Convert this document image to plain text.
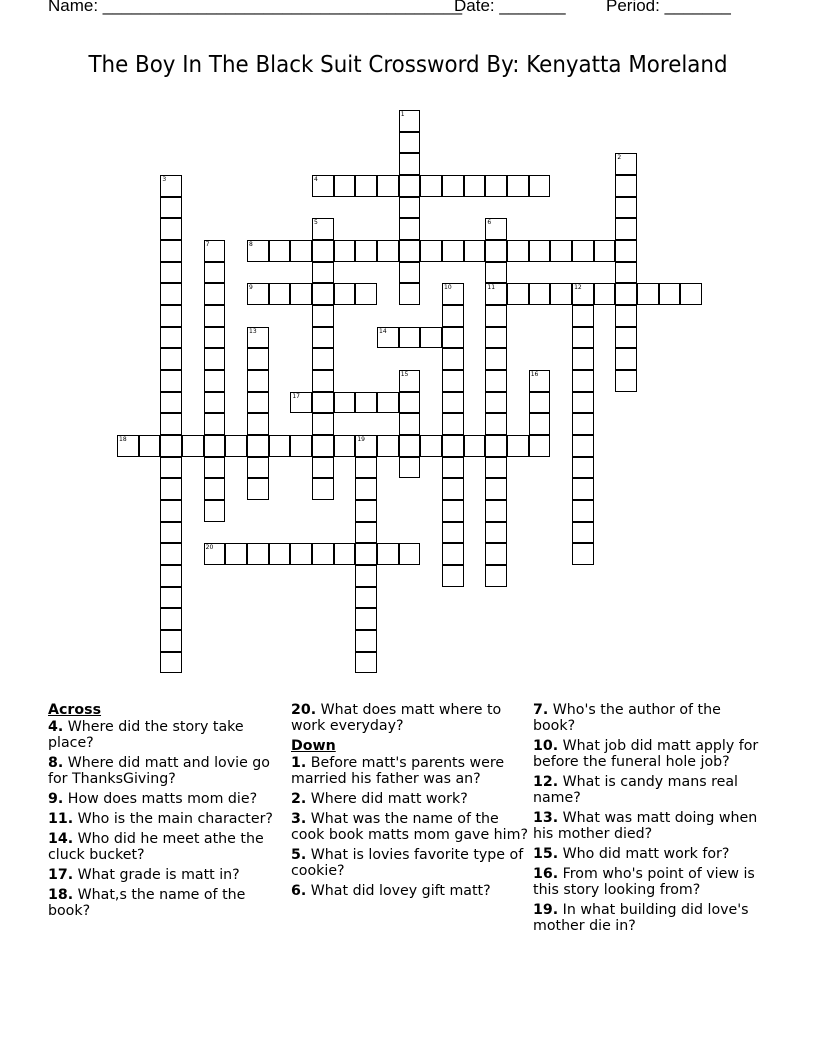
Name: ______________________________________
Date: _______ Period: _______
The Boy In The Black Suit Crossword By: Kenyatta Moreland
1
2
3	4
5	6
11
7	8
9	10	12
13	14
15	16
17
18	19
20
Across
4. Where did the story take place?
8. Where did matt and lovie go for ThanksGiving?
9. How does matts mom die?
11. Who is the main character?
14. Who did he meet athe the cluck bucket?
17. What grade is matt in?
18. What,s the name of the book?
20. What does matt where to work everyday?
Down
1. Before matt's parents were married his father was an?
2. Where did matt work?
3. What was the name of the cook book matts mom gave him?
5. What is lovies favorite type of cookie?
6. What did lovey gift matt?
7. Who's the author of the book?
10. What job did matt apply for before the funeral hole job?
12. What is candy mans real name?
13. What was matt doing when his mother died?
15. Who did matt work for?
16. From who's point of view is this story looking from?
19. In what building did love's mother die in?
